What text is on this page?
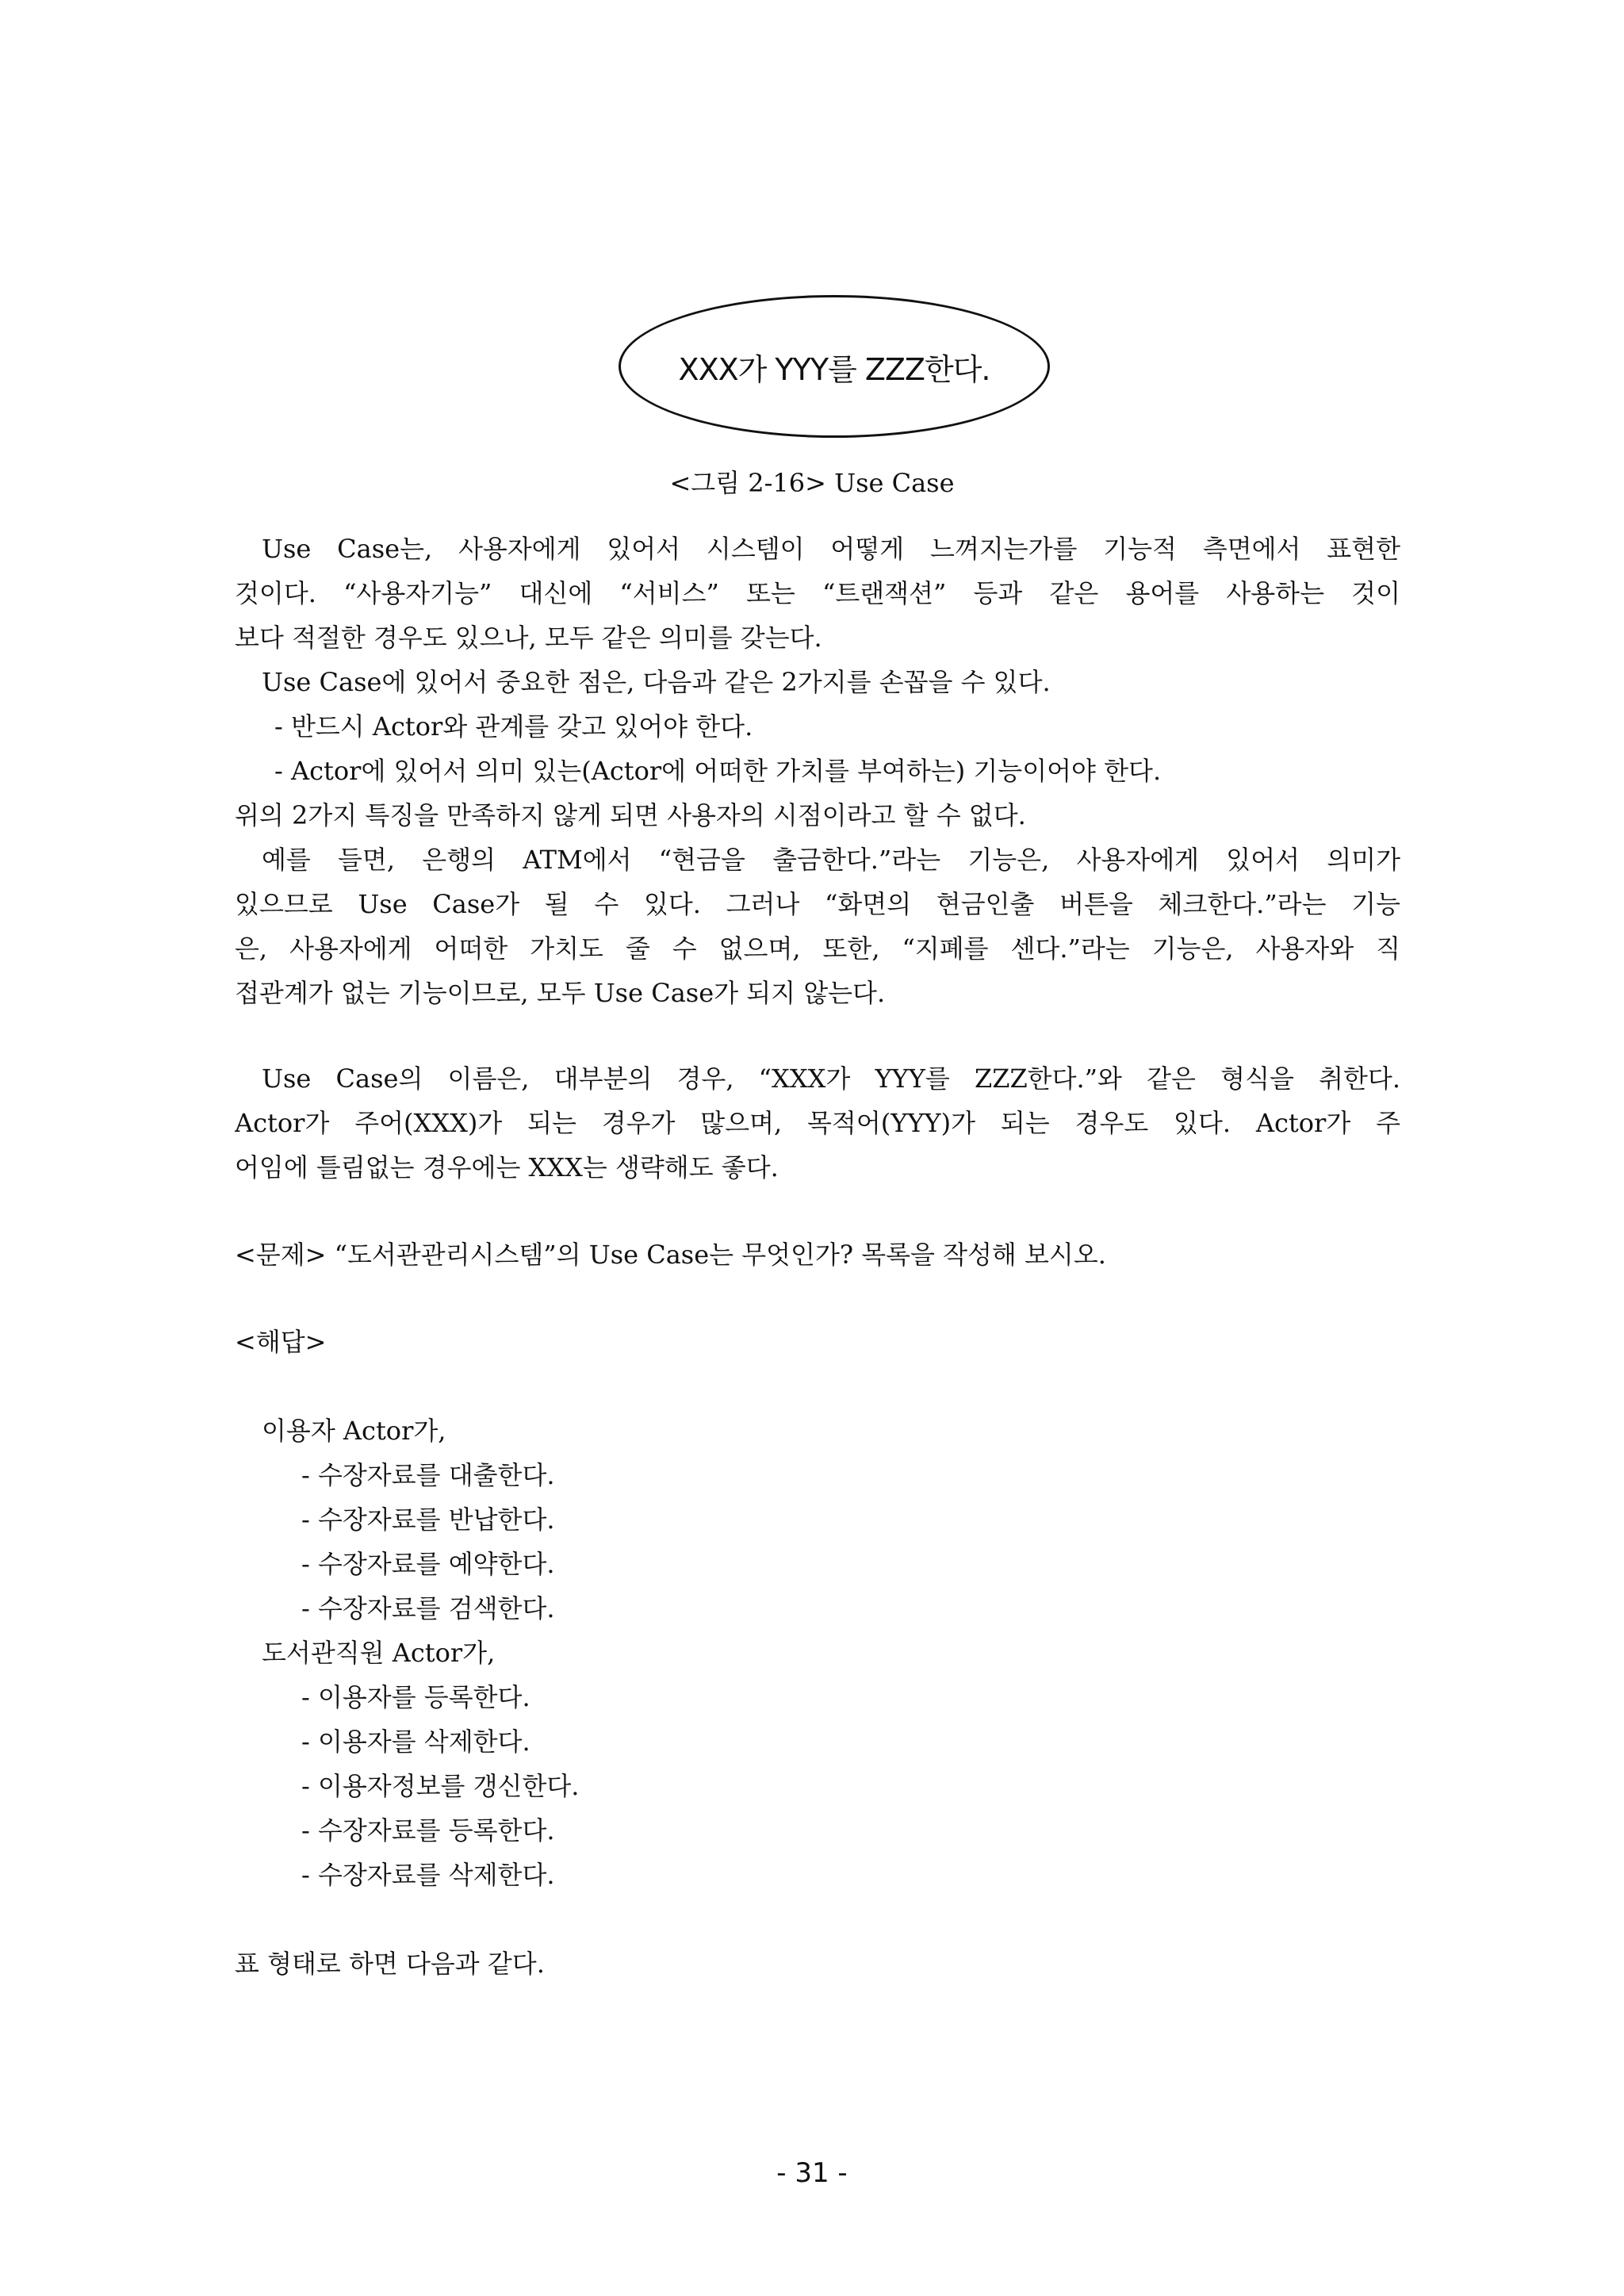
XXX가 YYY를 ZZZ한다.
<그림 2-16> Use Case
Use Case는, 사용자에게 있어서 시스템이 어떻게 느껴지는가를 기능적 측면에서 표현한
것이다. “사용자기능” 대신에 “서비스” 또는 “트랜잭션” 등과 같은 용어를 사용하는 것이
보다 적절한 경우도 있으나, 모두 같은 의미를 갖는다.
Use Case에 있어서 중요한 점은, 다음과 같은 2가지를 손꼽을 수 있다.
- 반드시 Actor와 관계를 갖고 있어야 한다.
- Actor에 있어서 의미 있는(Actor에 어떠한 가치를 부여하는) 기능이어야 한다.
위의 2가지 특징을 만족하지 않게 되면 사용자의 시점이라고 할 수 없다.
예를 들면, 은행의 ATM에서 “현금을 출금한다.”라는 기능은, 사용자에게 있어서 의미가
있으므로 Use Case가 될 수 있다. 그러나 “화면의 현금인출 버튼을 체크한다.”라는 기능
은, 사용자에게 어떠한 가치도 줄 수 없으며, 또한, “지폐를 센다.”라는 기능은, 사용자와 직
접관계가 없는 기능이므로, 모두 Use Case가 되지 않는다.
Use Case의 이름은, 대부분의 경우, “XXX가 YYY를 ZZZ한다.”와 같은 형식을 취한다.
Actor가 주어(XXX)가 되는 경우가 많으며, 목적어(YYY)가 되는 경우도 있다. Actor가 주
어임에 틀림없는 경우에는 XXX는 생략해도 좋다.
<문제> “도서관관리시스템”의 Use Case는 무엇인가? 목록을 작성해 보시오.
<해답>
이용자 Actor가,
- 수장자료를 대출한다.
- 수장자료를 반납한다.
- 수장자료를 예약한다.
- 수장자료를 검색한다.
도서관직원 Actor가,
- 이용자를 등록한다.
- 이용자를 삭제한다.
- 이용자정보를 갱신한다.
- 수장자료를 등록한다.
- 수장자료를 삭제한다.
표 형태로 하면 다음과 같다.
- 31 -
